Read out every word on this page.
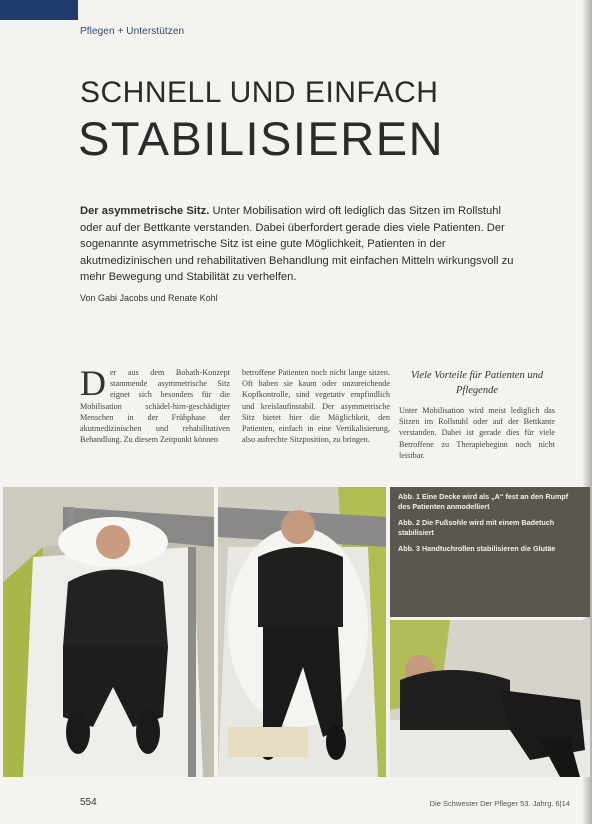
Pflegen + Unterstützen
SCHNELL UND EINFACH
STABILISIEREN
Der asymmetrische Sitz. Unter Mobilisation wird oft lediglich das Sitzen im Rollstuhl oder auf der Bettkante verstanden. Dabei überfordert gerade dies viele Patienten. Der sogenannte asymmetrische Sitz ist eine gute Möglichkeit, Patienten in der akutmedizinischen und rehabilitativen Behandlung mit einfachen Mitteln wirkungsvoll zu mehr Bewegung und Stabilität zu verhelfen.
Von Gabi Jacobs und Renate Kohl
Der aus dem Bobath-Konzept stammende asymmetrische Sitz eignet sich besonders für die Mobilisation schädel-hirn-geschädigter Menschen in der Frühphase der akutmedizinischen und rehabilitativen Behandlung. Zu diesem Zeitpunkt können
betroffene Patienten noch nicht lange sitzen. Oft haben sie kaum oder unzureichende Kopfkontrolle, sind vegetativ empfindlich und kreislaufinstabil. Der asymmetrische Sitz bietet hier die Möglichkeit, den Patienten, einfach in eine Vertikalisierung, also aufrechte Sitzposition, zu bringen.
Viele Vorteile für Patienten und Pflegende
Unter Mobilisation wird meist lediglich das Sitzen im Rollstuhl oder auf der Bettkante verstanden. Dabei ist gerade dies für viele Betroffene zu Therapiebeginn noch nicht leistbar.
Abb. 1 Eine Decke wird als „A“ fest an den Rumpf des Patienten anmodelliert
Abb. 2 Die Fußsohle wird mit einem Badetuch stabilisiert
Abb. 3 Handtuchrollen stabilisieren die Glutäe
554	Die Schwester Der Pfleger 53. Jahrg. 6|14
